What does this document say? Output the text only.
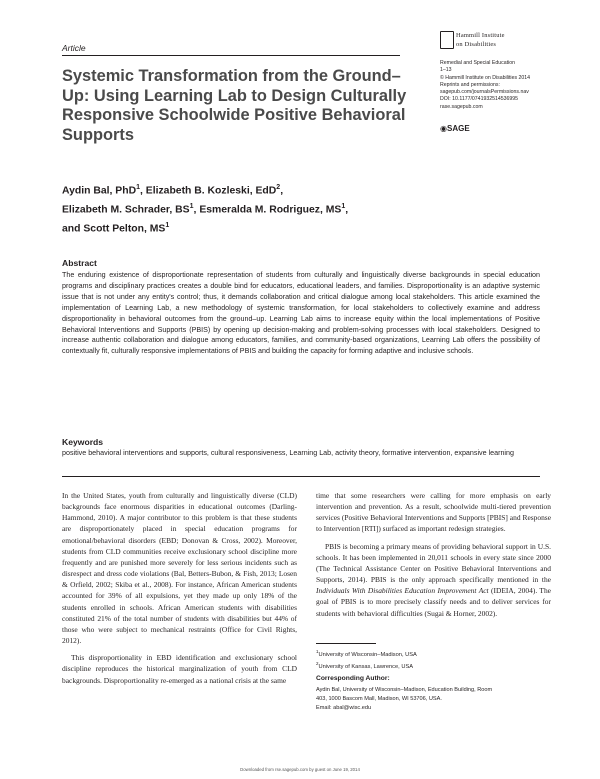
Article
Hammill Institute
on Disabilities
Remedial and Special Education
1–13
© Hammill Institute on Disabilities 2014
Reprints and permissions:
sagepub.com/journalsPermissions.nav
DOI: 10.1177/0741932514536995
rase.sagepub.com
◉SAGE
Systemic Transformation from the Ground–Up: Using Learning Lab to Design Culturally Responsive Schoolwide Positive Behavioral Supports
Aydin Bal, PhD$^1$, Elizabeth B. Kozleski, EdD$^2$,
Elizabeth M. Schrader, $BS^1$, Esmeralda M. Rodriguez, $MS^1$,
and Scott Pelton, $MS^1$
Abstract
The enduring existence of disproportionate representation of students from culturally and linguistically diverse backgrounds in special education programs and disciplinary practices creates a double bind for educators, educational leaders, and families. Disproportionality is an adaptive systemic issue that is not under any entity's control; thus, it demands collaboration and critical dialogue among local stakeholders. This article examined the implementation of Learning Lab, a new methodology of systemic transformation, for local stakeholders to collectively examine and address disproportionality in behavioral outcomes from the ground–up. Learning Lab aims to increase equity within the local implementations of Positive Behavioral Interventions and Supports (PBIS) by opening up decision-making and problem-solving processes with local stakeholders. Designed to increase authentic collaboration and dialogue among educators, families, and community-based organizations, Learning Lab offers the possibility of contextually fit, culturally responsive implementations of PBIS and building the capacity for forming adaptive and inclusive schools.
Keywords
positive behavioral interventions and supports, cultural responsiveness, Learning Lab, activity theory, formative intervention, expansive learning

In the United States, youth from culturally and linguistically diverse (CLD) backgrounds face enormous disparities in educational outcomes (Darling-Hammond, 2010). A major contributor to this problem is that these students are disproportionately placed in special education programs for emotional/behavioral disorders (EBD; Donovan & Cross, 2002). Moreover, students from CLD communities receive exclusionary school discipline more frequently and are punished more severely for less serious incidents such as disrespect and dress code violations (Bal, Betters-Bubon, & Fish, 2013; Losen & Orfield, 2002; Skiba et al., 2008). For instance, African American students accounted for 39% of all expulsions, yet they made up only 18% of the students enrolled in schools. African American students with disabilities constituted 21% of the total number of students with disabilities but 44% of those who were subject to mechanical restraints (Office for Civil Rights, 2012).

This disproportionality in EBD identification and exclusionary school discipline reproduces the historical marginalization of youth from CLD backgrounds. Disproportionality re-emerged as a national crisis at the same

time that some researchers were calling for more emphasis on early intervention and prevention. As a result, schoolwide multi-tiered prevention services (Positive Behavioral Interventions and Supports [PBIS] and Response to Intervention [RTI]) surfaced as important redesign strategies.

PBIS is becoming a primary means of providing behavioral support in U.S. schools. It has been implemented in 20,011 schools in every state since 2000 (The Technical Assistance Center on Positive Behavioral Interventions and Supports, 2014). PBIS is the only approach specifically mentioned in the Individuals With Disabilities Education Improvement Act (IDEIA, 2004). The goal of PBIS is to more precisely classify needs and to deliver services for students with behavioral difficulties (Sugai & Horner, 2002).

$^1$University of Wisconsin–Madison, USA
$^2$University of Kansas, Lawrence, USA
Corresponding Author:
Aydin Bal, University of Wisconsin–Madison, Education Building, Room
403, 1000 Bascom Mall, Madison, WI 53706, USA.
Email: abal@wisc.edu
Downloaded from rse.sagepub.com by guest on June 19, 2014
